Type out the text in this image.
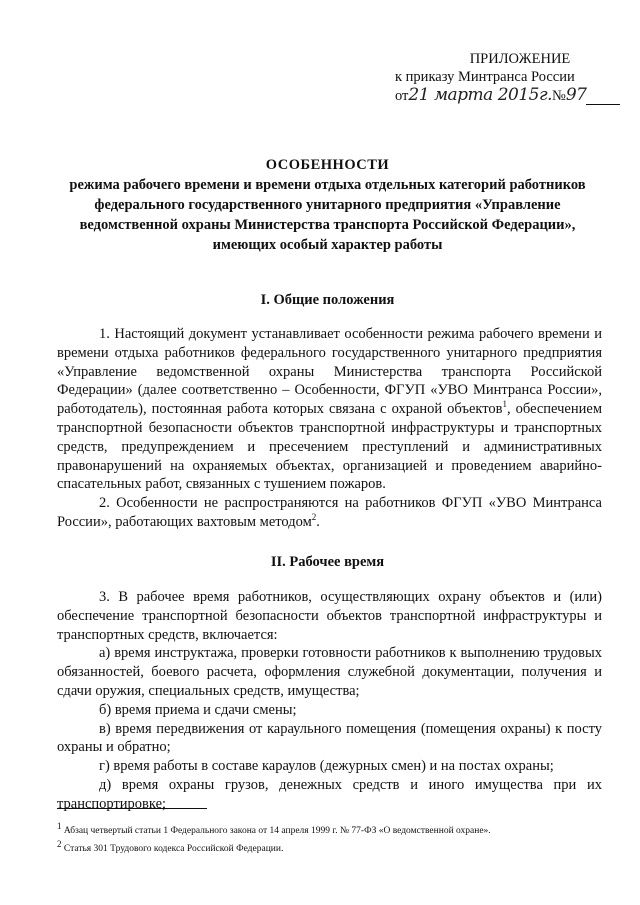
ПРИЛОЖЕНИЕ
к приказу Минтранса России
от21 марта 2015г.№97
ОСОБЕННОСТИ
режима рабочего времени и времени отдыха отдельных категорий работников
федерального государственного унитарного предприятия «Управление
ведомственной охраны Министерства транспорта Российской Федерации»,
имеющих особый характер работы
I. Общие положения

1. Настоящий документ устанавливает особенности режима рабочего времени и времени отдыха работников федерального государственного унитарного предприятия «Управление ведомственной охраны Министерства транспорта Российской Федерации» (далее соответственно – Особенности, ФГУП «УВО Минтранса России», работодатель), постоянная работа которых связана с охраной объектов$^1$, обеспечением транспортной безопасности объектов транспортной инфраструктуры и транспортных средств, предупреждением и пресечением преступлений и административных правонарушений на охраняемых объектах, организацией и проведением аварийно-спасательных работ, связанных с тушением пожаров.

2. Особенности не распространяются на работников ФГУП «УВО Минтранса России», работающих вахтовым методом$^2$.

II. Рабочее время

3. В рабочее время работников, осуществляющих охрану объектов и (или) обеспечение транспортной безопасности объектов транспортной инфраструктуры и транспортных средств, включается:

а) время инструктажа, проверки готовности работников к выполнению трудовых обязанностей, боевого расчета, оформления служебной документации, получения и сдачи оружия, специальных средств, имущества;

б) время приема и сдачи смены;

в) время передвижения от караульного помещения (помещения охраны) к посту охраны и обратно;

г) время работы в составе караулов (дежурных смен) и на постах охраны;

д) время охраны грузов, денежных средств и иного имущества при их транспортировке;

$^1$ Абзац четвертый статьи 1 Федерального закона от 14 апреля 1999 г. № 77-ФЗ «О ведомственной охране».
$^2$ Статья 301 Трудового кодекса Российской Федерации.
